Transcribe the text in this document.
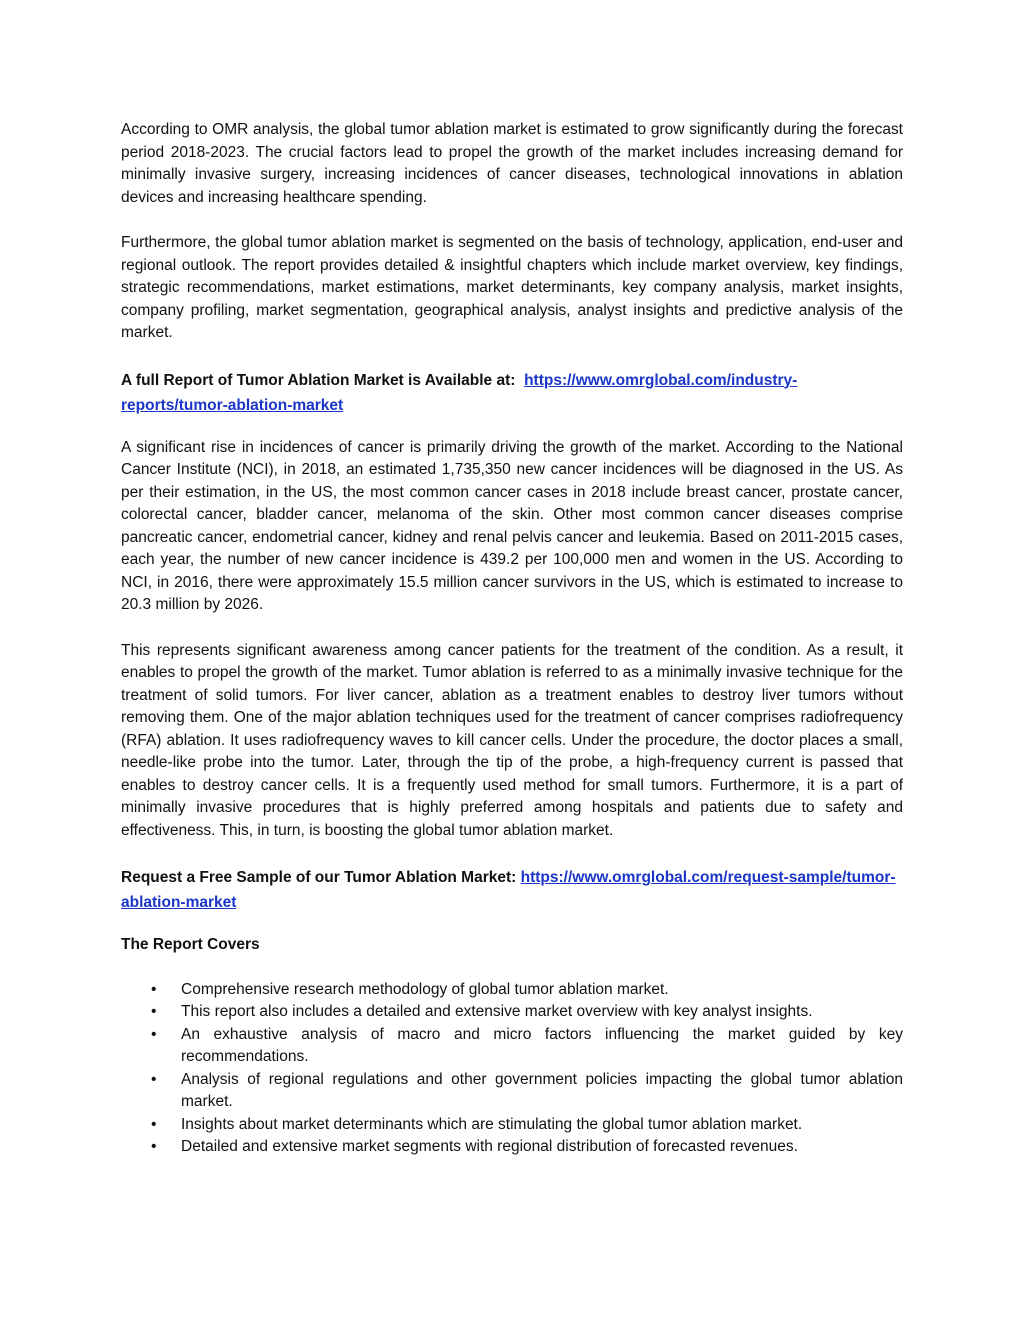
According to OMR analysis, the global tumor ablation market is estimated to grow significantly during the forecast period 2018-2023. The crucial factors lead to propel the growth of the market includes increasing demand for minimally invasive surgery, increasing incidences of cancer diseases, technological innovations in ablation devices and increasing healthcare spending.

Furthermore, the global tumor ablation market is segmented on the basis of technology, application, end-user and regional outlook. The report provides detailed & insightful chapters which include market overview, key findings, strategic recommendations, market estimations, market determinants, key company analysis, market insights, company profiling, market segmentation, geographical analysis, analyst insights and predictive analysis of the market.

A full Report of Tumor Ablation Market is Available at: https://www.omrglobal.com/industry-reports/tumor-ablation-market

A significant rise in incidences of cancer is primarily driving the growth of the market. According to the National Cancer Institute (NCI), in 2018, an estimated 1,735,350 new cancer incidences will be diagnosed in the US. As per their estimation, in the US, the most common cancer cases in 2018 include breast cancer, prostate cancer, colorectal cancer, bladder cancer, melanoma of the skin. Other most common cancer diseases comprise pancreatic cancer, endometrial cancer, kidney and renal pelvis cancer and leukemia. Based on 2011-2015 cases, each year, the number of new cancer incidence is 439.2 per 100,000 men and women in the US. According to NCI, in 2016, there were approximately 15.5 million cancer survivors in the US, which is estimated to increase to 20.3 million by 2026.

This represents significant awareness among cancer patients for the treatment of the condition. As a result, it enables to propel the growth of the market. Tumor ablation is referred to as a minimally invasive technique for the treatment of solid tumors. For liver cancer, ablation as a treatment enables to destroy liver tumors without removing them. One of the major ablation techniques used for the treatment of cancer comprises radiofrequency (RFA) ablation. It uses radiofrequency waves to kill cancer cells. Under the procedure, the doctor places a small, needle-like probe into the tumor. Later, through the tip of the probe, a high-frequency current is passed that enables to destroy cancer cells. It is a frequently used method for small tumors. Furthermore, it is a part of minimally invasive procedures that is highly preferred among hospitals and patients due to safety and effectiveness. This, in turn, is boosting the global tumor ablation market.

Request a Free Sample of our Tumor Ablation Market: https://www.omrglobal.com/request-sample/tumor-ablation-market

The Report Covers

• Comprehensive research methodology of global tumor ablation market.
• This report also includes a detailed and extensive market overview with key analyst insights.
• An exhaustive analysis of macro and micro factors influencing the market guided by key recommendations.
• Analysis of regional regulations and other government policies impacting the global tumor ablation market.
• Insights about market determinants which are stimulating the global tumor ablation market.
• Detailed and extensive market segments with regional distribution of forecasted revenues.
